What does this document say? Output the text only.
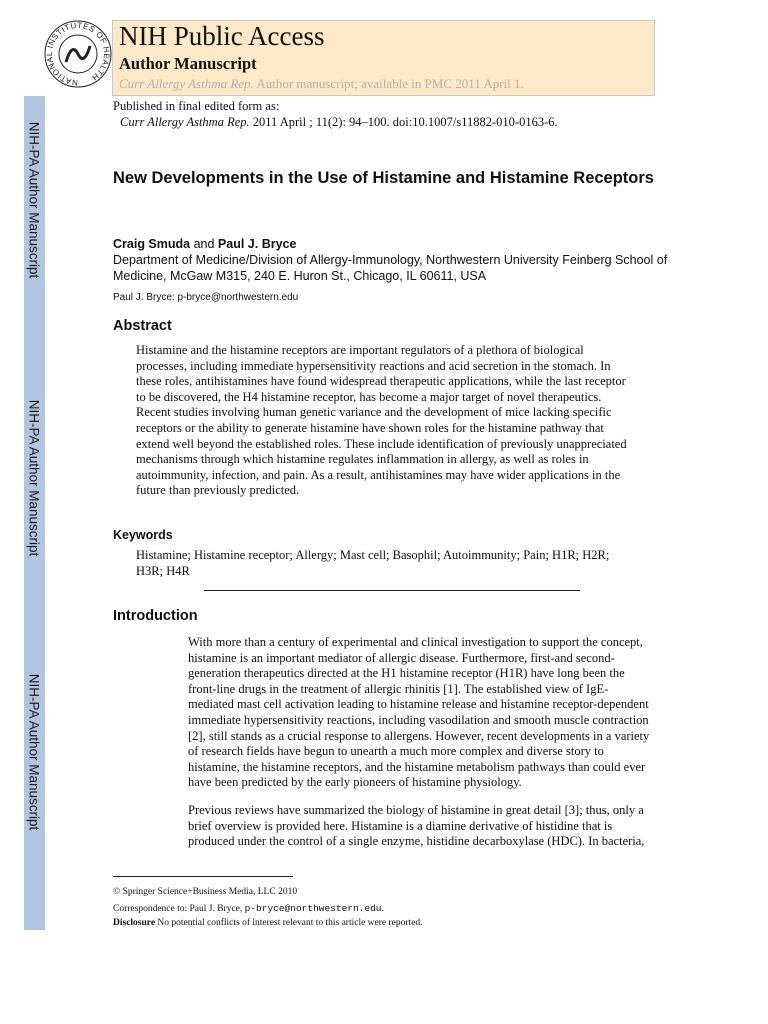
NIH-PA Author Manuscript
NIH-PA Author Manuscript
NIH-PA Author Manuscript
NATIONAL INSTITUTES OF HEALTH
NIH Public Access
Author Manuscript
Curr Allergy Asthma Rep. Author manuscript; available in PMC 2011 April 1.
Published in final edited form as:
Curr Allergy Asthma Rep. 2011 April ; 11(2): 94–100. doi:10.1007/s11882-010-0163-6.
New Developments in the Use of Histamine and Histamine Receptors
Craig Smuda and Paul J. Bryce
Department of Medicine/Division of Allergy-Immunology, Northwestern University Feinberg School of Medicine, McGaw M315, 240 E. Huron St., Chicago, IL 60611, USA
Paul J. Bryce: p-bryce@northwestern.edu
Abstract

Histamine and the histamine receptors are important regulators of a plethora of biological processes, including immediate hypersensitivity reactions and acid secretion in the stomach. In these roles, antihistamines have found widespread therapeutic applications, while the last receptor to be discovered, the H4 histamine receptor, has become a major target of novel therapeutics. Recent studies involving human genetic variance and the development of mice lacking specific receptors or the ability to generate histamine have shown roles for the histamine pathway that extend well beyond the established roles. These include identification of previously unappreciated mechanisms through which histamine regulates inflammation in allergy, as well as roles in autoimmunity, infection, and pain. As a result, antihistamines may have wider applications in the future than previously predicted.

Keywords

Histamine; Histamine receptor; Allergy; Mast cell; Basophil; Autoimmunity; Pain; H1R; H2R; H3R; H4R

Introduction

With more than a century of experimental and clinical investigation to support the concept, histamine is an important mediator of allergic disease. Furthermore, first-and second-generation therapeutics directed at the H1 histamine receptor (H1R) have long been the front-line drugs in the treatment of allergic rhinitis [1]. The established view of IgE-mediated mast cell activation leading to histamine release and histamine receptor-dependent immediate hypersensitivity reactions, including vasodilation and smooth muscle contraction [2], still stands as a crucial response to allergens. However, recent developments in a variety of research fields have begun to unearth a much more complex and diverse story to histamine, the histamine receptors, and the histamine metabolism pathways than could ever have been predicted by the early pioneers of histamine physiology.

Previous reviews have summarized the biology of histamine in great detail [3]; thus, only a brief overview is provided here. Histamine is a diamine derivative of histidine that is produced under the control of a single enzyme, histidine decarboxylase (HDC). In bacteria,

© Springer Science+Business Media, LLC 2010
Correspondence to: Paul J. Bryce, p-bryce@northwestern.edu.
Disclosure No potential conflicts of interest relevant to this article were reported.
